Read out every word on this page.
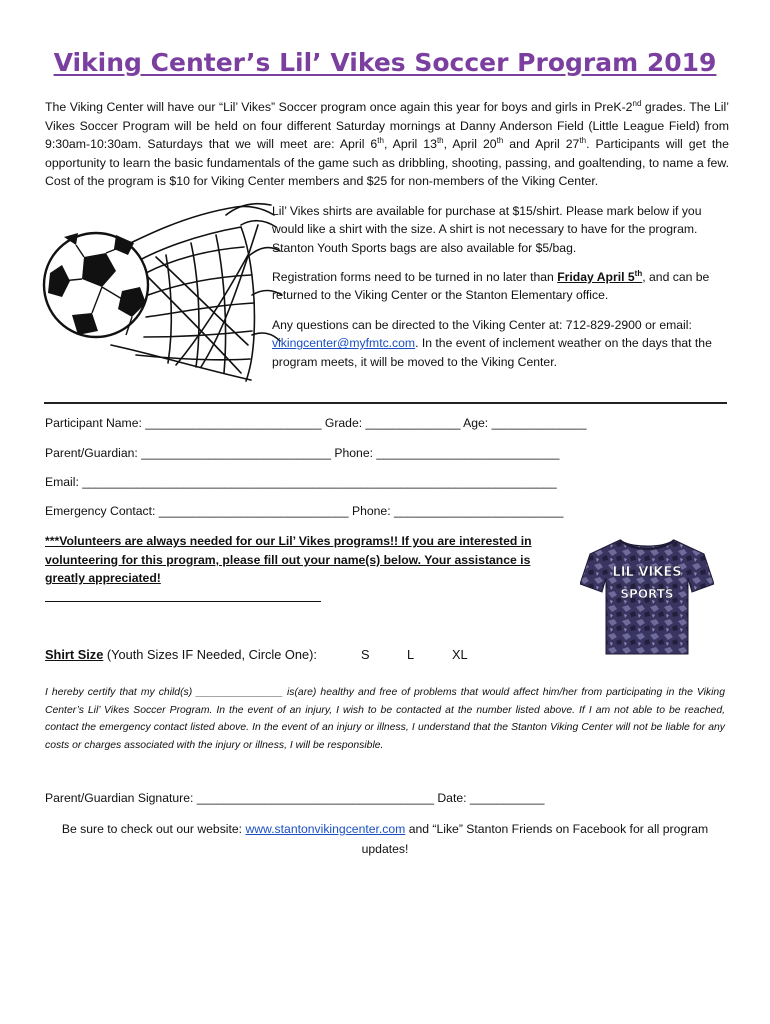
Viking Center’s Lil’ Vikes Soccer Program 2019
The Viking Center will have our “Lil’ Vikes” Soccer program once again this year for boys and girls in PreK-2nd grades. The Lil’ Vikes Soccer Program will be held on four different Saturday mornings at Danny Anderson Field (Little League Field) from 9:30am-10:30am. Saturdays that we will meet are: April 6th, April 13th, April 20th and April 27th. Participants will get the opportunity to learn the basic fundamentals of the game such as dribbling, shooting, passing, and goaltending, to name a few. Cost of the program is $10 for Viking Center members and $25 for non-members of the Viking Center.
Lil’ Vikes shirts are available for purchase at $15/shirt. Please mark below if you would like a shirt with the size. A shirt is not necessary to have for the program. Stanton Youth Sports bags are also available for $5/bag.
Registration forms need to be turned in no later than Friday April 5th, and can be returned to the Viking Center or the Stanton Elementary office.
Any questions can be directed to the Viking Center at: 712-829-2900 or email: vikingcenter@myfmtc.com. In the event of inclement weather on the days that the program meets, it will be moved to the Viking Center.
Participant Name: __________________________ Grade: ______________ Age: ______________
Parent/Guardian: ____________________________ Phone: ___________________________
Email: ______________________________________________________________________
Emergency Contact: ____________________________ Phone: _________________________
***Volunteers are always needed for our Lil’ Vikes programs!! If you are interested in volunteering for this program, please fill out your name(s) below. Your assistance is greatly appreciated!	LIL VIKES
SPORTS
Shirt Size (Youth Sizes IF Needed, Circle One):	S	L	XL
I hereby certify that my child(s) _______________ is(are) healthy and free of problems that would affect him/her from participating in the Viking Center’s Lil’ Vikes Soccer Program. In the event of an injury, I wish to be contacted at the number listed above. If I am not able to be reached, contact the emergency contact listed above. In the event of an injury or illness, I understand that the Stanton Viking Center will not be liable for any costs or charges associated with the injury or illness, I will be responsible.
Parent/Guardian Signature: ___________________________________ Date: ___________
Be sure to check out our website: www.stantonvikingcenter.com and “Like” Stanton Friends on Facebook for all program updates!
